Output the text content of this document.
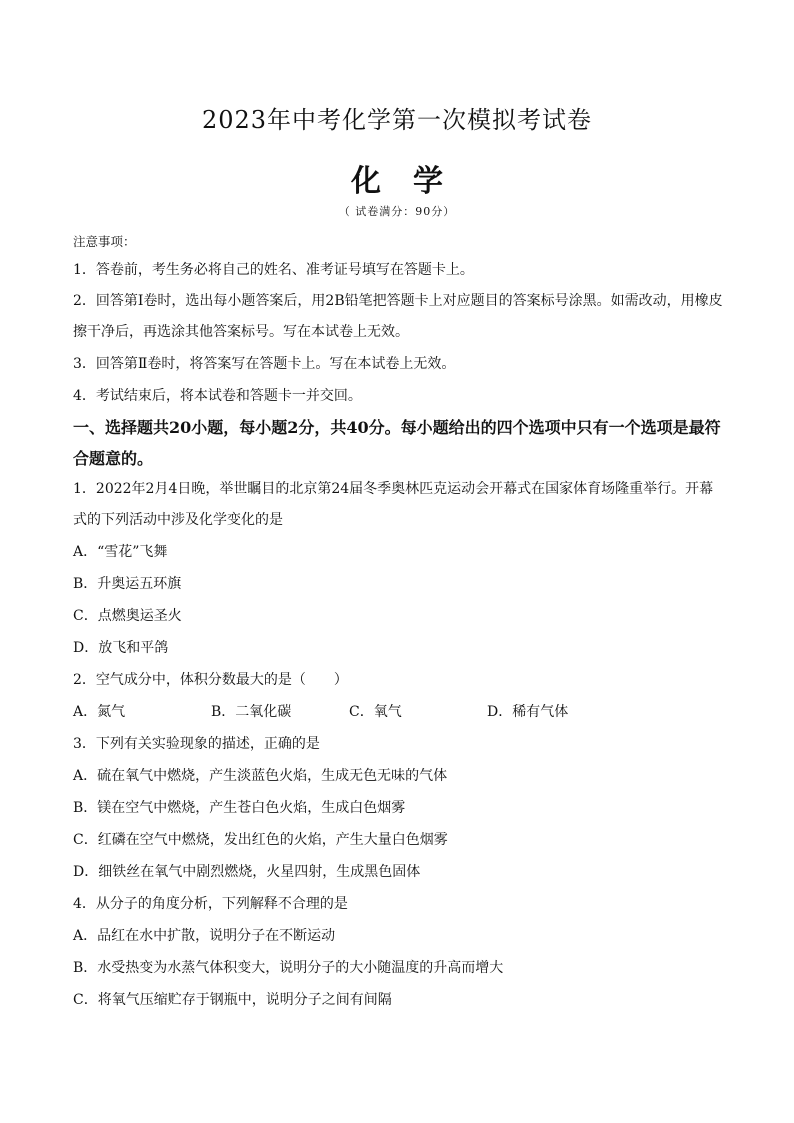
2023年中考化学第一次模拟考试卷
化学
（ 试卷满分：90分）
注意事项：
1．答卷前，考生务必将自己的姓名、准考证号填写在答题卡上。
2．回答第Ⅰ卷时，选出每小题答案后，用2B铅笔把答题卡上对应题目的答案标号涂黑。如需改动，用橡皮擦干净后，再选涂其他答案标号。写在本试卷上无效。
3．回答第Ⅱ卷时，将答案写在答题卡上。写在本试卷上无效。
4．考试结束后，将本试卷和答题卡一并交回。
一、选择题共20小题，每小题2分，共40分。每小题给出的四个选项中只有一个选项是最符合题意的。
1．2022年2月4日晚，举世瞩目的北京第24届冬季奥林匹克运动会开幕式在国家体育场隆重举行。开幕式的下列活动中涉及化学变化的是
A．“雪花”飞舞
B．升奥运五环旗
C．点燃奥运圣火
D．放飞和平鸽
2．空气成分中，体积分数最大的是（　　）
A．氮气	B．二氧化碳	C．氧气	D．稀有气体
3．下列有关实验现象的描述，正确的是
A．硫在氧气中燃烧，产生淡蓝色火焰，生成无色无味的气体
B．镁在空气中燃烧，产生苍白色火焰，生成白色烟雾
C．红磷在空气中燃烧，发出红色的火焰，产生大量白色烟雾
D．细铁丝在氧气中剧烈燃烧，火星四射，生成黑色固体
4．从分子的角度分析，下列解释不合理的是
A．品红在水中扩散，说明分子在不断运动
B．水受热变为水蒸气体积变大，说明分子的大小随温度的升高而增大
C．将氧气压缩贮存于钢瓶中，说明分子之间有间隔
